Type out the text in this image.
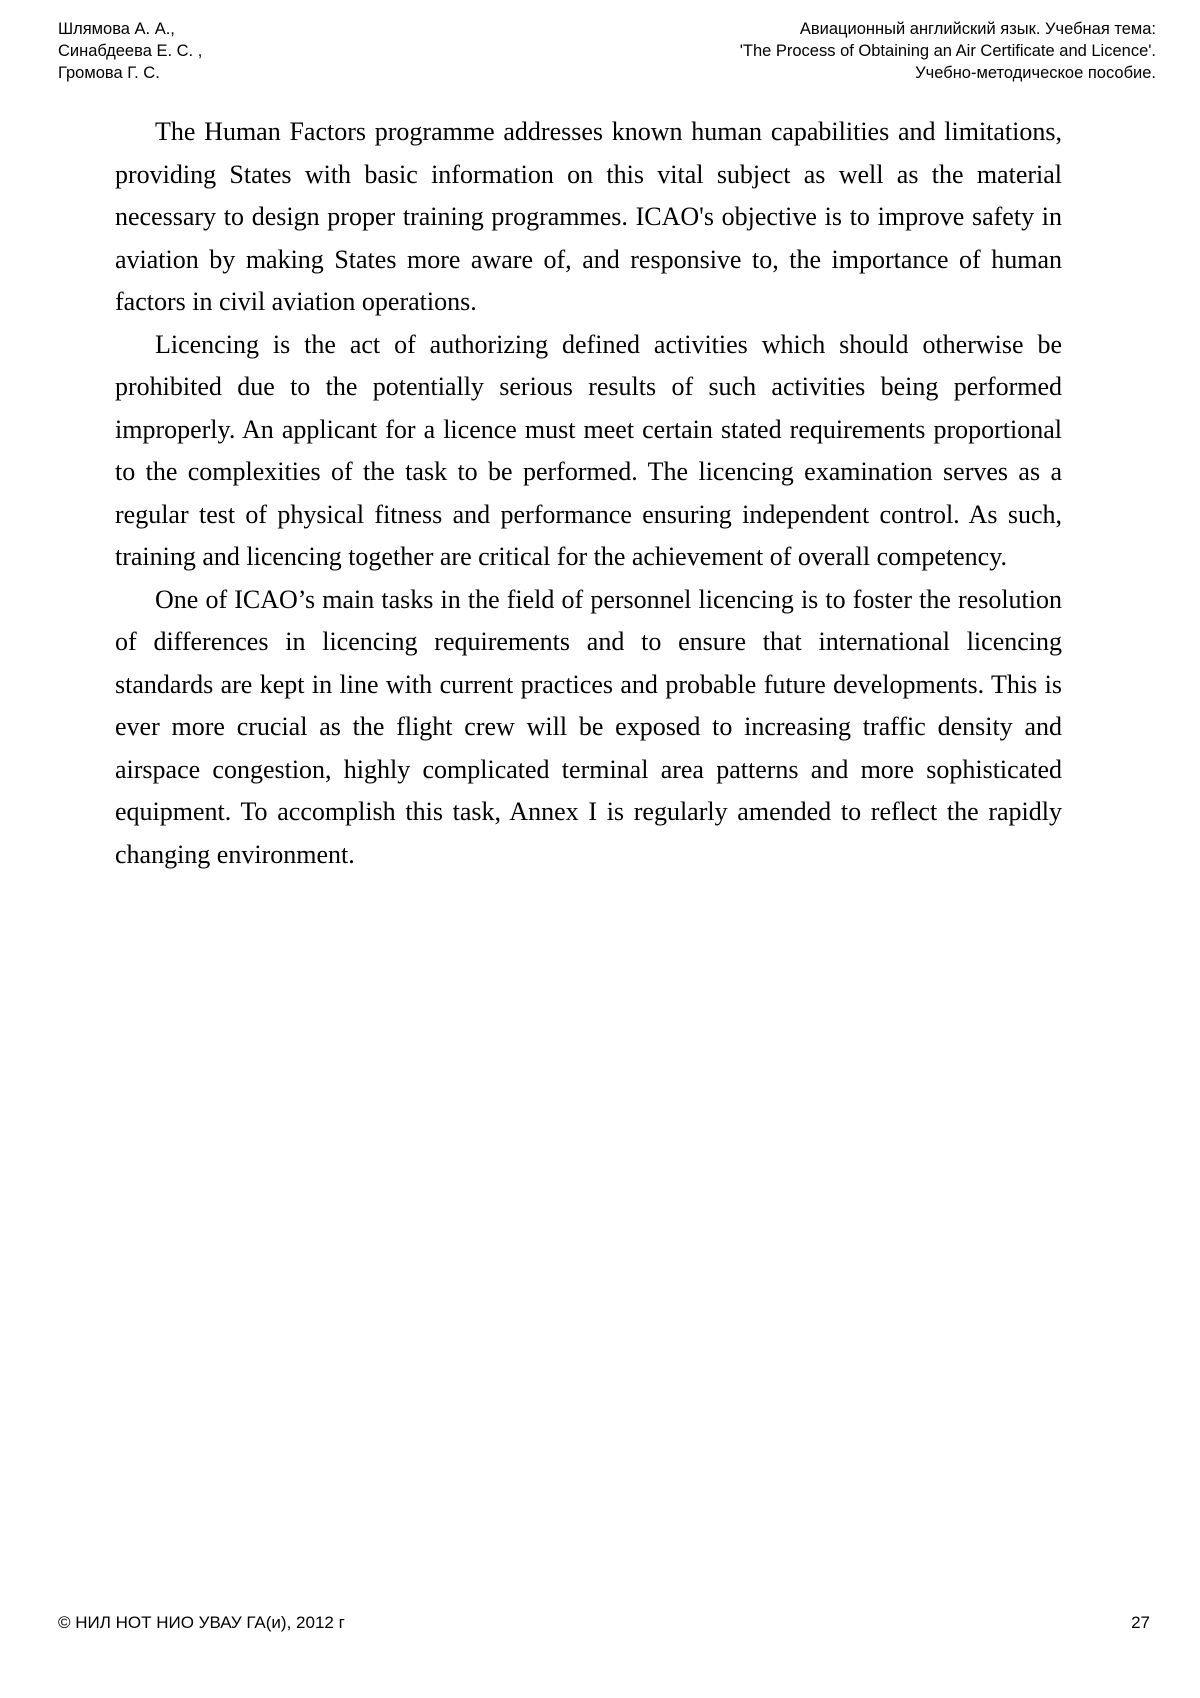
Шлямова А. А.,
Синабдеева Е. С. ,
Громова Г. С.
Авиационный английский язык. Учебная тема:
'The Process of Obtaining an Air Certificate and Licence'.
Учебно-методическое пособие.

The Human Factors programme addresses known human capabilities and limitations, providing States with basic information on this vital subject as well as the material necessary to design proper training programmes. ICAO's objective is to improve safety in aviation by making States more aware of, and responsive to, the importance of human factors in civil aviation operations.

Licencing is the act of authorizing defined activities which should otherwise be prohibited due to the potentially serious results of such activities being performed improperly. An applicant for a licence must meet certain stated requirements proportional to the complexities of the task to be performed. The licencing examination serves as a regular test of physical fitness and performance ensuring independent control. As such, training and licencing together are critical for the achievement of overall competency.

One of ICAO’s main tasks in the field of personnel licencing is to foster the resolution of differences in licencing requirements and to ensure that international licencing standards are kept in line with current practices and probable future developments. This is ever more crucial as the flight crew will be exposed to increasing traffic density and airspace congestion, highly complicated terminal area patterns and more sophisticated equipment. To accomplish this task, Annex I is regularly amended to reflect the rapidly changing environment.

© НИЛ НОТ НИО УВАУ ГА(и), 2012 г	27
